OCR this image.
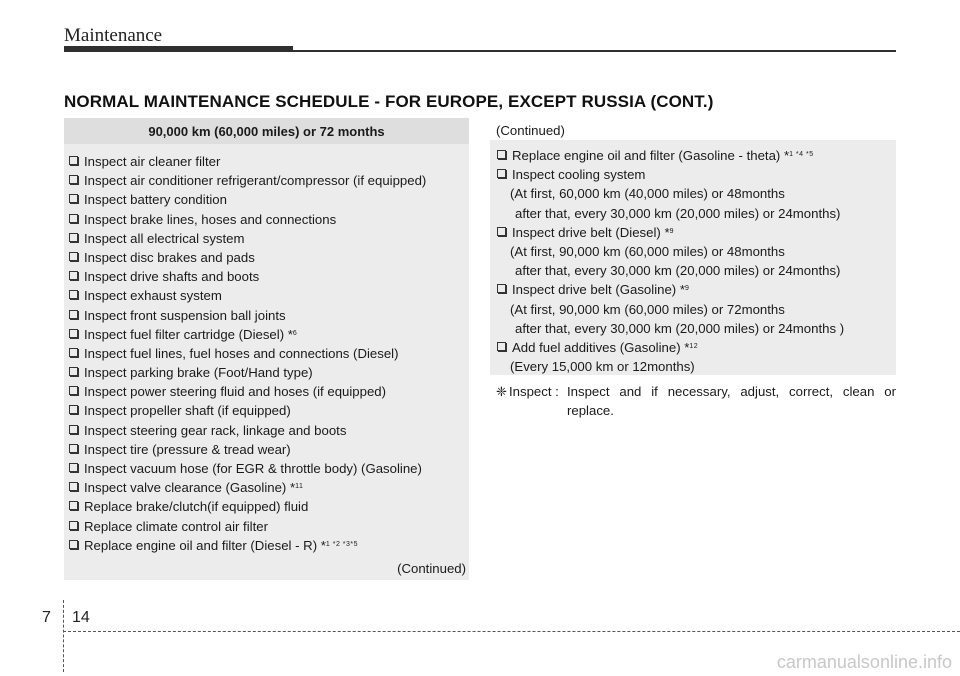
Maintenance
NORMAL MAINTENANCE SCHEDULE - FOR EUROPE, EXCEPT RUSSIA (CONT.)
90,000 km (60,000 miles) or 72 months
Inspect air cleaner filter
Inspect air conditioner refrigerant/compressor (if equipped)
Inspect battery condition
Inspect brake lines, hoses and connections
Inspect all electrical system
Inspect disc brakes and pads
Inspect drive shafts and boots
Inspect exhaust system
Inspect front suspension ball joints
Inspect fuel filter cartridge (Diesel) *$^6$
Inspect fuel lines, fuel hoses and connections (Diesel)
Inspect parking brake (Foot/Hand type)
Inspect power steering fluid and hoses (if equipped)
Inspect propeller shaft (if equipped)
Inspect steering gear rack, linkage and boots
Inspect tire (pressure & tread wear)
Inspect vacuum hose (for EGR & throttle body) (Gasoline)
Inspect valve clearance (Gasoline) *$^{11}$
Replace brake/clutch(if equipped) fluid
Replace climate control air filter
Replace engine oil and filter (Diesel - R) *$^{1 *2 *3*5}$
(Continued)
(Continued)
Replace engine oil and filter (Gasoline - theta) *$^{1 *4 *5}$
Inspect cooling system
(At first, 60,000 km (40,000 miles) or 48months
after that, every 30,000 km (20,000 miles) or 24months)
Inspect drive belt (Diesel) *$^9$
(At first, 90,000 km (60,000 miles) or 48months
after that, every 30,000 km (20,000 miles) or 24months)
Inspect drive belt (Gasoline) *$^9$
(At first, 90,000 km (60,000 miles) or 72months
after that, every 30,000 km (20,000 miles) or 24months )
Add fuel additives (Gasoline) *$^{12}$
(Every 15,000 km or 12months)
❈ Inspect : Inspect and if necessary, adjust, correct, clean or replace.
7 14
carmanualsonline.info
